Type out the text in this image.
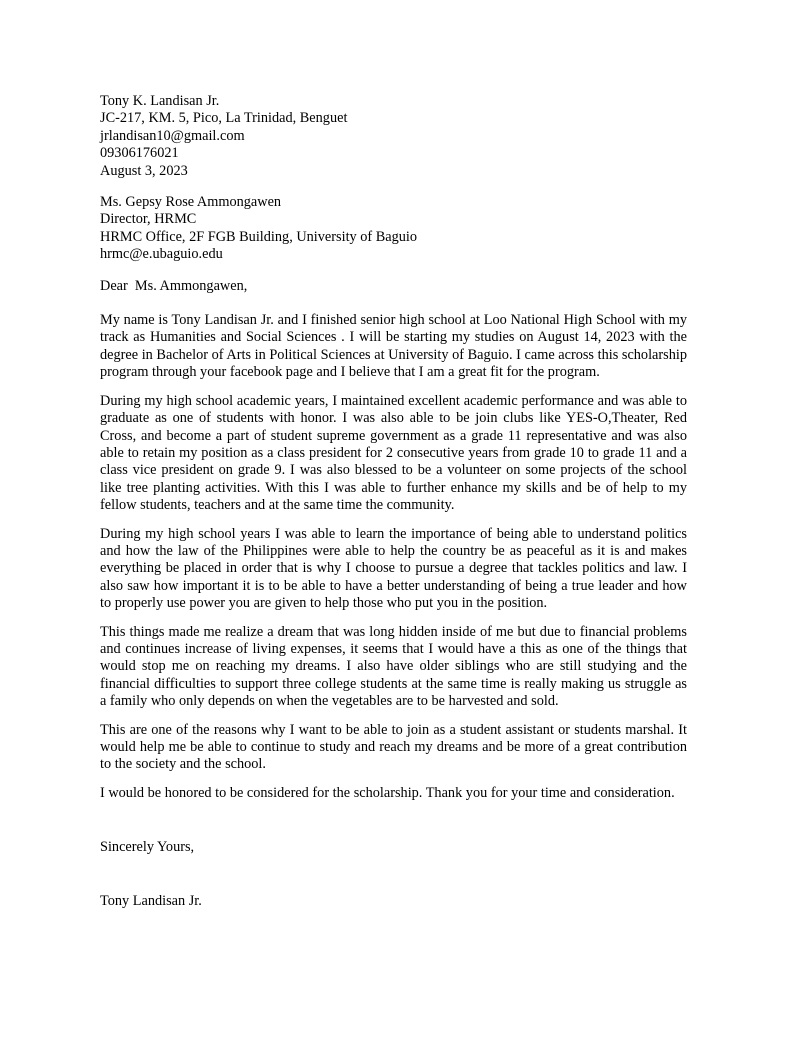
Tony K. Landisan Jr.
JC-217, KM. 5, Pico, La Trinidad, Benguet
jrlandisan10@gmail.com
09306176021
August 3, 2023
Ms. Gepsy Rose Ammongawen
Director, HRMC
HRMC Office, 2F FGB Building, University of Baguio
hrmc@e.ubaguio.edu
Dear  Ms. Ammongawen,

My name is Tony Landisan Jr. and I finished senior high school at Loo National High School with my track as Humanities and Social Sciences . I will be starting my studies on August 14, 2023 with the degree in Bachelor of Arts in Political Sciences at University of Baguio. I came across this scholarship program through your facebook page and I believe that I am a great fit for the program.

During my high school academic years, I maintained excellent academic performance and was able to graduate as one of students with honor. I was also able to be join clubs like YES-O,Theater, Red Cross, and become a part of student supreme government as a grade 11 representative and was also able to retain my position as a class president for 2 consecutive years from grade 10 to grade 11 and a class vice president on grade 9. I was also blessed to be a volunteer on some projects of the school like tree planting activities. With this I was able to further enhance my skills and be of help to my fellow students, teachers and at the same time the community.

During my high school years I was able to learn the importance of being able to understand politics and how the law of the Philippines were able to help the country be as peaceful as it is and makes everything be placed in order that is why I choose to pursue a degree that tackles politics and law. I also saw how important it is to be able to have a better understanding of being a true leader and how to properly use power you are given to help those who put you in the position.

This things made me realize a dream that was long hidden inside of me but due to financial problems and continues increase of living expenses, it seems that I would have a this as one of the things that would stop me on reaching my dreams. I also have older siblings who are still studying and the financial difficulties to support three college students at the same time is really making us struggle as a family who only depends on when the vegetables are to be harvested and sold.

This are one of the reasons why I want to be able to join as a student assistant or students marshal. It would help me be able to continue to study and reach my dreams and be more of a great contribution to the society and the school.

I would be honored to be considered for the scholarship. Thank you for your time and consideration.

Sincerely Yours,
Tony Landisan Jr.
